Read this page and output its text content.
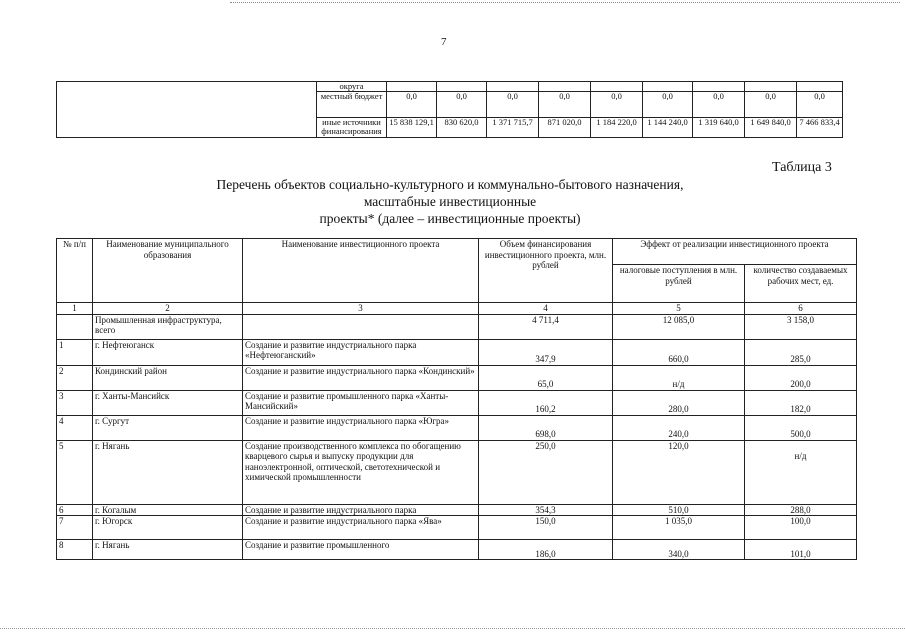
7
	округа									
	местный бюджет	0,0	0,0	0,0	0,0	0,0	0,0	0,0	0,0	0,0
	иные источники финансирования	15 838 129,1	830 620,0	1 371 715,7	871 020,0	1 184 220,0	1 144 240,0	1 319 640,0	1 649 840,0	7 466 833,4
Таблица 3
Перечень объектов социально-культурного и коммунально-бытового назначения,
масштабные инвестиционные
проекты* (далее – инвестиционные проекты)
№ п/п	Наименование муниципального образования	Наименование инвестиционного проекта	Объем финансирования инвестиционного проекта, млн. рублей	Эффект от реализации инвестиционного проекта	
				налоговые поступления в млн. рублей	количество создаваемых рабочих мест, ед.
1	2	3	4	5	6
	Промышленная инфраструктура, всего		4 711,4	12 085,0	3 158,0
1	г. Нефтеюганск	Создание и развитие индустриального парка «Нефтеюганский»	347,9	660,0	285,0
2	Кондинский район	Создание и развитие индустриального парка «Кондинский»	65,0	н/д	200,0
3	г. Ханты-Мансийск	Создание и развитие промышленного парка «Ханты-Мансийский»	160,2	280,0	182,0
4	г. Сургут	Создание и развитие индустриального парка «Югра»	698,0	240,0	500,0
5	г. Нягань	Создание производственного комплекса по обогащению кварцевого сырья и выпуску продукции для наноэлектронной, оптической, светотехнической и химической промышленности	250,0	120,0	н/д
6	г. Когалым	Создание и развитие индустриального парка	354,3	510,0	288,0
7	г. Югорск	Создание и развитие индустриального парка «Ява»	150,0	1 035,0	100,0
8	г. Нягань	Создание и развитие промышленного	186,0	340,0	101,0
